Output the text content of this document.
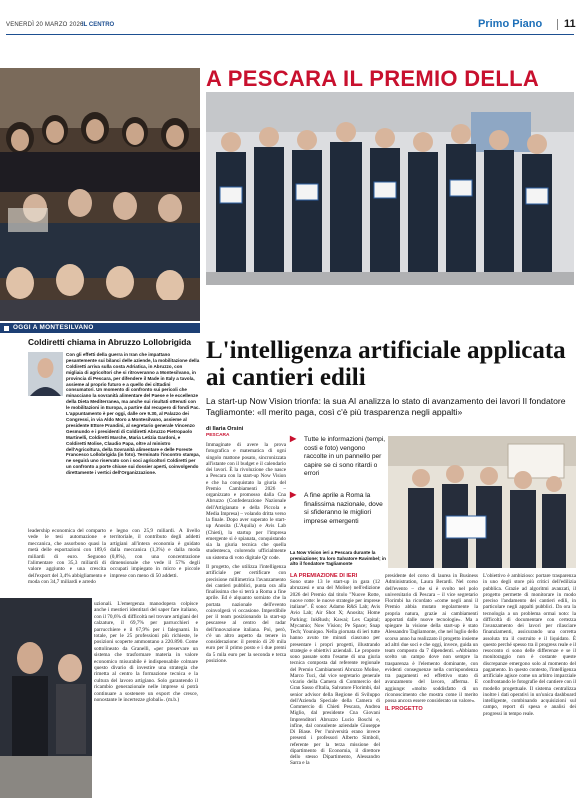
VENERDÌ 20 MARZO 2026
IL CENTRO	Primo Piano 11
A PESCARA IL PREMIO DELLA
OGGI A MONTESILVANO
Coldiretti chiama in Abruzzo Lollobrigida
Con gli effetti della guerra in Iran che impattano pesantemente sui bilanci delle aziende, la mobilitazione della Coldiretti arriva sulla costa Adriatica, in Abruzzo, con migliaia di agricoltori che si ritroveranno a Montesilvano, in provincia di Pescara, per difendere il Made in Italy a tavola, assieme al proprio futuro e a quello dei cittadini consumatori. Un momento di confronto sui pericoli che minacciano la sovranità alimentare del Paese e le eccellenze della Dieta Mediterranea, ma anche sui risultati ottenuti con le mobilitazioni in Europa, a partire dal recupero di fondi Pac. L'appuntamento è per oggi, dalle ore 9.30, al Palazzo dei Congressi, in via Aldo Moro a Montesilvano, assieme al presidente Ettore Prandini, al segretario generale Vincenzo Gesmundo e i presidenti di Coldiretti Abruzzo Pietropaolo Martinelli, Coldiretti Marche, Maria Letizia Gardoni, e Coldiretti Molise, Claudio Papa, oltre al ministro dell'Agricoltura, della Sovranità alimentare e delle Foreste Francesco Lollobrigida (in foto). Terminato l'incontro stampa, ne seguirà uno riservato con i soci agricoltori Coldiretti per un confronto a porte chiuse sui dossier aperti, coinvolgendo direttamente i vertici dell'Organizzazione.
leadership economica del comparto vede le tesi automazione e meccanica, che assorbono quasi la metà delle esportazioni con 189,6 miliardi di euro. Seguono l'alimentare con 35,3 miliardi di valore aggiunto e una crescita dell'export del 3,4% abbigliamento e moda con 34,7 miliardi e arredo
e legno con 25,9 miliardi. A livello territoriale, il contributo degli addetti artigiani all'intera economia è guidato dalla meccanica (1,3%) e dalla moda (0,8%), con una concentrazione dimensionale che vede il 57% degli occupati impiegato in micro e piccole imprese con meno di 50 addetti.
uzionali. L'emergenza manodopera colpisce anche i mestieri identitari del saper fare italiano, con il 70,6% di difficoltà nel trovare artigiani del calzature, il 69,7% per parrucchieri e parrucchiere e il 67,9% per i falegnami. In totale, per le 25 professioni più richieste, le posizioni scoperte ammontano a 220.890. Come sottolineato da Granelli, «per preservare un sistema che trasformare materia in valore economico misurabile è indispensabile colmare questo divario di investire una strategia che rimetta al centro la formazione tecnica e la cultura del lavoro artigiano. Solo garantendo il ricambio generazionale nelle imprese si potrà continuare a sostenere un export che cresce, nonostante le incertezze globali». (m.b.)
L'intelligenza artificiale applicata ai cantieri edili
La start-up Now Vision trionfa: la sua AI analizza lo stato di avanzamento dei lavori Il fondatore Tagliamonte: «Il merito paga, così c'è più trasparenza negli appalti»
di Ilaria Orsini
PESCARA
Immaginate di avere la prova fotografica e matematica di ogni singolo mattone posato, sincronizzata all'istante con il budget e il calendario dei lavori. È la rivoluzione che nasce a Pescara con la start-up Now Vision e che ha conquistato la giuria del Premio Cambiamenti 2026 – organizzato e promosso dalla Cna Abruzzo (Confederazione Nazionale dell'Artigianato e della Piccola e Media Impresa) – volando dritta verso la finale. Dopo aver superato le start-up Anosita (L'Aquila) e Avis Lab (Chieti), la startup per l'impresa emergente si è spianata, conquistando sia la giuria tecnica che quella studentesca, colorendo ufficialmente un sistema di voto digitale Qr code.
Il progetto, che utilizza l'intelligenza artificiale per certificare con precisione millimetrica l'avanzamento dei cantieri pubblici, punta ora alla finalissima che si terrà a Roma a fine aprile. Ed è alquanto sorniato che la portata nazionale dell'evento coinvolgerà vi occasione. Imperdibile per il team posizionando la start-up pescarese al centro del radar dell'innovazione italiana. Poi, però, c'è un altro aspetto da tenere in considerazione: il premio di 20 mila euro per il primo posto e i due premi da 5 mila euro per la seconda e terza posizione.
▶ Tutte le informazioni (tempi, costi e foto) vengono raccolte in un pannello per capire se ci sono ritardi o errori
▶ A fine aprile a Roma la finalissima nazionale, dove si sfideranno le migliori imprese emergenti
La Now Vision ieri a Pescara durante la premiazione; tra loro Salvatore Ravimbel; in alto il fondatore Tagliamonte
LA PREMIAZIONE DI IERI
Sono state 13 le start-up in gara (12 abruzzesi e una del Molise) nell'edizione 2026 del Premio dal titolo "Nuove Rotte, nuove rotte: le nuove strategie per imprese italiane". È sono: Adamo R&S Lab; Avis Avio Lab; Air Shot X; Anosita; Home Parking; InkRush; Kawai; Lex Capital; Mycamio; Now Vision; Pe Space; Snap Tech; Youniquo. Nella giornata di ieri tutte hanno avuto tre minuti ciascuno per presentare i propri progetti, illustrando strategie e obiettivi aziendali. Le proposte sono passate sotto l'esame di una giuria tecnica composta dal referente regionale del Premio Cambiamenti Abruzzo Molise, Marco Tuci, dal vice segretario generale vicario della Camera di Commercio del Gran Sasso d'Italia, Salvatore Florimbi, dal senior advisor della Regione di Sviluppo dell'Azienda Speciale della Camera di Commercio di Chieti Pescara, Andrea Miglio, dal presidente Cna Giovani Imprenditori Abruzzo Lucio Boschi e, infine, dal consulente aziendale Giuseppe Di Biase. Per l'università erano invece presenti i professori Alberto Simboli, referente per la terza missione del dipartimento di Economia, il direttore dello stesso Dipartimento, Alessandro Sarra e la
presidente del corso di laurea in Business Administration, Laura Berardi. Nel corso dell'evento – che si è svolto nel polo universitario di Pescara – il vice segretario Florimbi ha ricordato «come negli anni il Premio abbia mutato regolarmente la propria natura, grazie ai cambiamenti apportati dalle nuove tecnologie». Ma a spiegare la visione della start-up è stato Alessandro Tagliamonte, che nel luglio dello scorso anno ha realizzato il progetto insieme ad altri due soci e che oggi, invece, guida un team composto da 7 dipendenti. «Abbiamo scelto un campo dove non sempre la trasparenza è l'elemento dominante, con evidenti conseguenze nella corrispondenza tra pagamenti ed effettivo stato di avanzamento del lavoro, afferma. E aggiunge: «molto soddisfatto di un riconoscimento che mostra come il merito possa ancora essere considerato un valore».
IL PROGETTO
L'obiettivo è ambizioso: portare trasparenza in uno degli store più critici dell'edilizia pubblica. Grazie ad algoritmi avanzati, il progetto permette di monitorare in modo preciso l'andamento dei cantieri edili, in particolare negli appalti pubblici. Da ora la tecnologia a un problema ormai noto: la difficoltà di documentare con certezza l'avanzamento dei lavori per rilasciare finanziamenti, assicurando una corretta assoluta tra il costruito e il liquidato. È questo perché spesso tra il progress reale e il resoconto ci sono delle differenze e se il monitoraggio non è costante queste discrepanze emergono solo al momento del pagamento. In questo contesto, l'intelligenza artificiale agisce come un arbitro imparziale confrontando le fotografie del cantiere con il modello progettuale. Il sistema centralizza inoltre i dati operativi in un'unica dashboard intelligente, combinando acquisizioni sul campo, report di spesa e analisi dei progressi in tempo reale.
